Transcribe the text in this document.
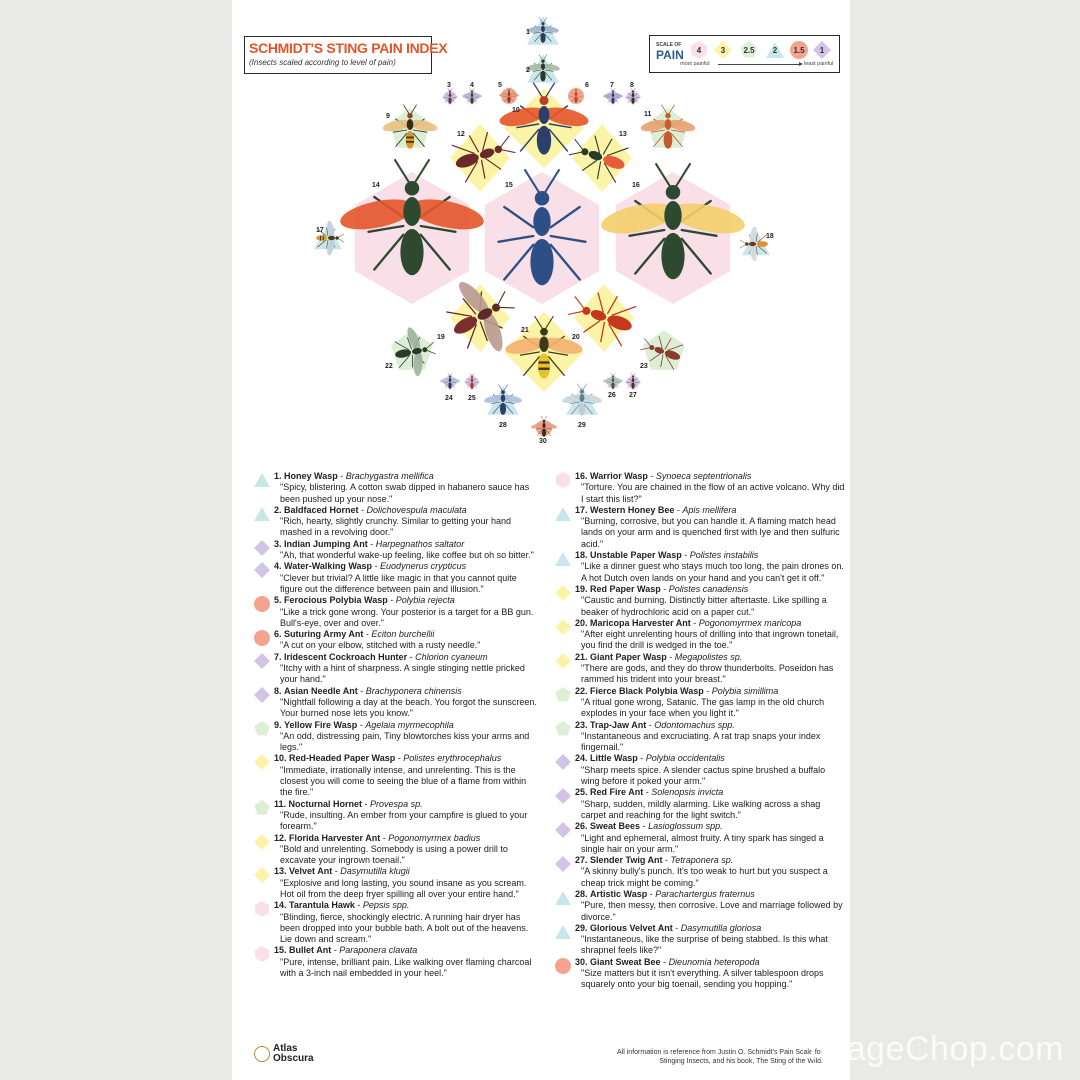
SCHMIDT'S STING PAIN INDEX
(Insects scaled according to level of pain)
SCALE OF
PAIN 4 3 2.5 2 1.5 1
most painful	least painful
1
2
3	4	5	6	7 8
9
10
11
12	13
14	15	16
17
18
19	20
21
22	23
24 25	26 27
28	29
30
1. Honey Wasp - Brachygastra mellifica
"Spicy, blistering. A cotton swab dipped in habanero sauce has been pushed up your nose."
2. Baldfaced Hornet - Dolichovespula maculata
"Rich, hearty, slightly crunchy. Similar to getting your hand mashed in a revolving door."
3. Indian Jumping Ant - Harpegnathos saltator
"Ah, that wonderful wake-up feeling, like coffee but oh so bitter."
4. Water-Walking Wasp - Euodynerus crypticus
"Clever but trivial? A little like magic in that you cannot quite figure out the difference between pain and illusion."
5. Ferocious Polybia Wasp - Polybia rejecta
"Like a trick gone wrong. Your posterior is a target for a BB gun. Bull's-eye, over and over."
6. Suturing Army Ant - Eciton burchellii
"A cut on your elbow, stitched with a rusty needle."
7. Iridescent Cockroach Hunter - Chlorion cyaneum
"Itchy with a hint of sharpness. A single stinging nettle pricked your hand."
8. Asian Needle Ant - Brachyponera chinensis
"Nightfall following a day at the beach. You forgot the sunscreen. Your burned nose lets you know."
9. Yellow Fire Wasp - Agelaia myrmecophila
"An odd, distressing pain, Tiny blowtorches kiss your arms and legs."
10. Red-Headed Paper Wasp - Polistes erythrocephalus
"Immediate, irrationally intense, and unrelenting. This is the closest you will come to seeing the blue of a flame from within the fire."
11. Nocturnal Hornet - Provespa sp.
"Rude, insulting. An ember from your campfire is glued to your forearm."
12. Florida Harvester Ant - Pogonomyrmex badius
"Bold and unrelenting. Somebody is using a power drill to excavate your ingrown toenail."
13. Velvet Ant - Dasymutilla klugii
"Explosive and long lasting, you sound insane as you scream. Hot oil from the deep fryer spilling all over your entire hand."
14. Tarantula Hawk - Pepsis spp.
"Blinding, fierce, shockingly electric. A running hair dryer has been dropped into your bubble bath. A bolt out of the heavens. Lie down and scream."
15. Bullet Ant - Paraponera clavata
"Pure, intense, brilliant pain. Like walking over flaming charcoal with a 3-inch nail embedded in your heel."
16. Warrior Wasp - Synoeca septentrionalis
"Torture. You are chained in the flow of an active volcano. Why did I start this list?"
17. Western Honey Bee - Apis mellifera
"Burning, corrosive, but you can handle it. A flaming match head lands on your arm and is quenched first with lye and then sulfuric acid."
18. Unstable Paper Wasp - Polistes instabilis
"Like a dinner guest who stays much too long, the pain drones on. A hot Dutch oven lands on your hand and you can't get it off."
19. Red Paper Wasp - Polistes canadensis
"Caustic and burning. Distinctly bitter aftertaste. Like spilling a beaker of hydrochloric acid on a paper cut."
20. Maricopa Harvester Ant - Pogonomyrmex maricopa
"After eight unrelenting hours of drilling into that ingrown tonetail, you find the drill is wedged in the toe."
21. Giant Paper Wasp - Megapolistes sp.
"There are gods, and they do throw thunderbolts. Poseidon has rammed his trident into your breast."
22. Fierce Black Polybia Wasp - Polybia simillima
"A ritual gone wrong, Satanic. The gas lamp in the old church explodes in your face when you light it."
23. Trap-Jaw Ant - Odontomachus spp.
"Instantaneous and excruciating. A rat trap snaps your index fingernail."
24. Little Wasp - Polybia occidentalis
"Sharp meets spice. A slender cactus spine brushed a buffalo wing before it poked your arm."
25. Red Fire Ant - Solenopsis invicta
"Sharp, sudden, mildly alarming. Like walking across a shag carpet and reaching for the light switch."
26. Sweat Bees - Lasioglossum spp.
"Light and ephemeral, almost fruity. A tiny spark has singed a single hair on your arm."
27. Slender Twig Ant - Tetraponera sp.
"A skinny bully's punch. It's too weak to hurt but you suspect a cheap trick might be coming."
28. Artistic Wasp - Parachartergus fraternus
"Pure, then messy, then corrosive. Love and marriage followed by divorce."
29. Glorious Velvet Ant - Dasymutilla gloriosa
"Instantaneous, like the surprise of being stabbed. Is this what shrapnel feels like?"
30. Giant Sweat Bee - Dieunomia heteropoda
"Size matters but it isn't everything. A silver tablespoon drops squarely onto your big toenail, sending you hopping."
Atlas
Obscura
All information is reference from Justin O. Schmidt's Pain Scale for
Stinging Insects, and his book, The Sting of the Wild.
ImageChop.com
